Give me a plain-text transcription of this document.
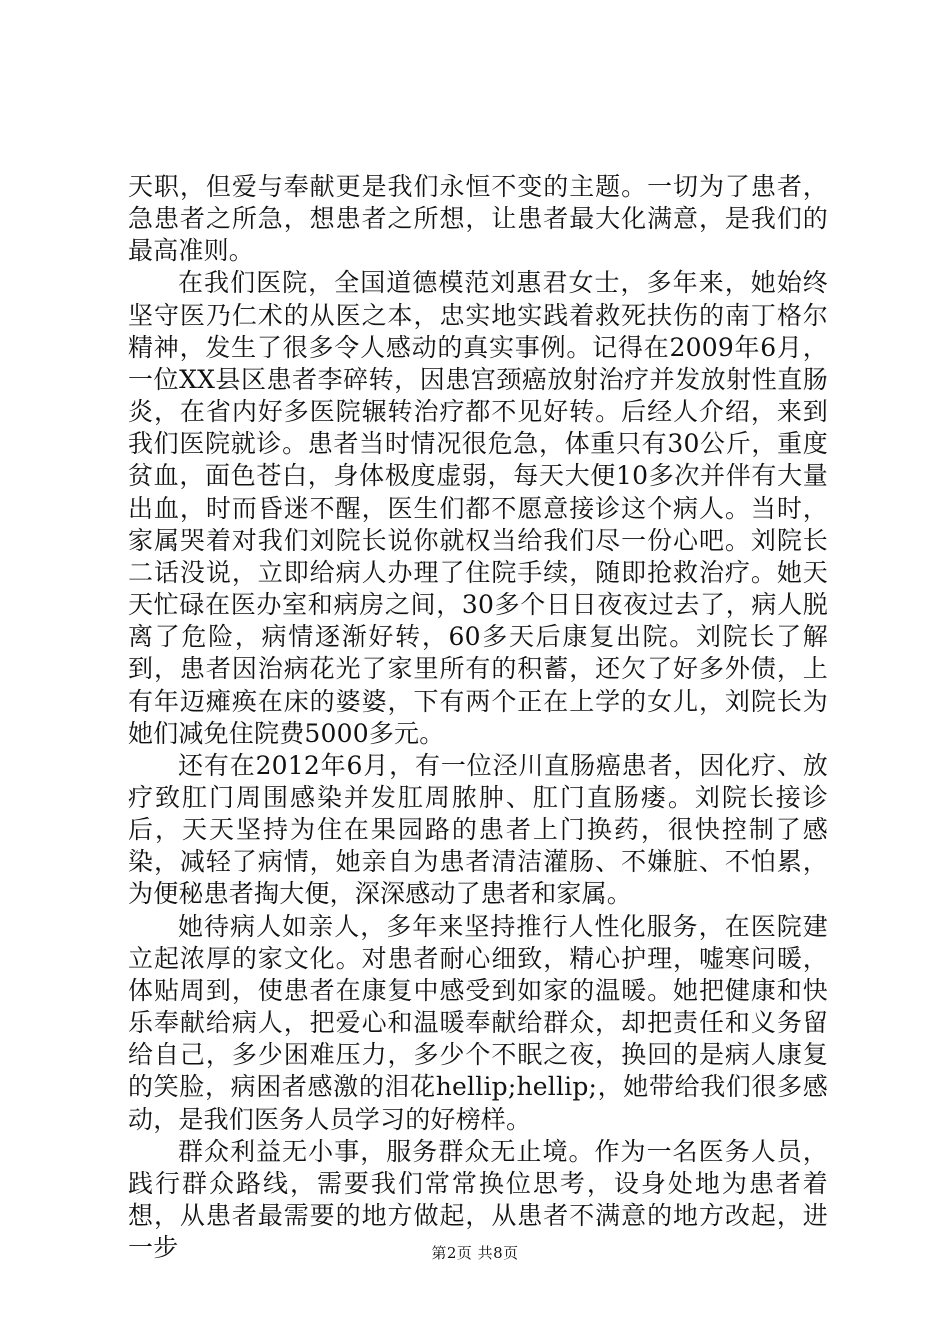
天职，但爱与奉献更是我们永恒不变的主题。一切为了患者，急患者之所急，想患者之所想，让患者最大化满意，是我们的最高准则。

在我们医院，全国道德模范刘惠君女士，多年来，她始终坚守医乃仁术的从医之本，忠实地实践着救死扶伤的南丁格尔精神，发生了很多令人感动的真实事例。记得在2009年6月，一位XX县区患者李碎转，因患宫颈癌放射治疗并发放射性直肠炎，在省内好多医院辗转治疗都不见好转。后经人介绍，来到我们医院就诊。患者当时情况很危急，体重只有30公斤，重度贫血，面色苍白，身体极度虚弱，每天大便10多次并伴有大量出血，时而昏迷不醒，医生们都不愿意接诊这个病人。当时，家属哭着对我们刘院长说你就权当给我们尽一份心吧。刘院长二话没说，立即给病人办理了住院手续，随即抢救治疗。她天天忙碌在医办室和病房之间，30多个日日夜夜过去了，病人脱离了危险，病情逐渐好转，60多天后康复出院。刘院长了解到，患者因治病花光了家里所有的积蓄，还欠了好多外债，上有年迈瘫痪在床的婆婆，下有两个正在上学的女儿，刘院长为她们减免住院费5000多元。

还有在2012年6月，有一位泾川直肠癌患者，因化疗、放疗致肛门周围感染并发肛周脓肿、肛门直肠瘘。刘院长接诊后，天天坚持为住在果园路的患者上门换药，很快控制了感染，减轻了病情，她亲自为患者清洁灌肠、不嫌脏、不怕累，为便秘患者掏大便，深深感动了患者和家属。

她待病人如亲人，多年来坚持推行人性化服务，在医院建立起浓厚的家文化。对患者耐心细致，精心护理，嘘寒问暖，体贴周到，使患者在康复中感受到如家的温暖。她把健康和快乐奉献给病人，把爱心和温暖奉献给群众，却把责任和义务留给自己，多少困难压力，多少个不眠之夜，换回的是病人康复的笑脸，病困者感激的泪花hellip;hellip;，她带给我们很多感动，是我们医务人员学习的好榜样。

群众利益无小事，服务群众无止境。作为一名医务人员，践行群众路线，需要我们常常换位思考，设身处地为患者着想，从患者最需要的地方做起，从患者不满意的地方改起，进一步	第2页 共8页
